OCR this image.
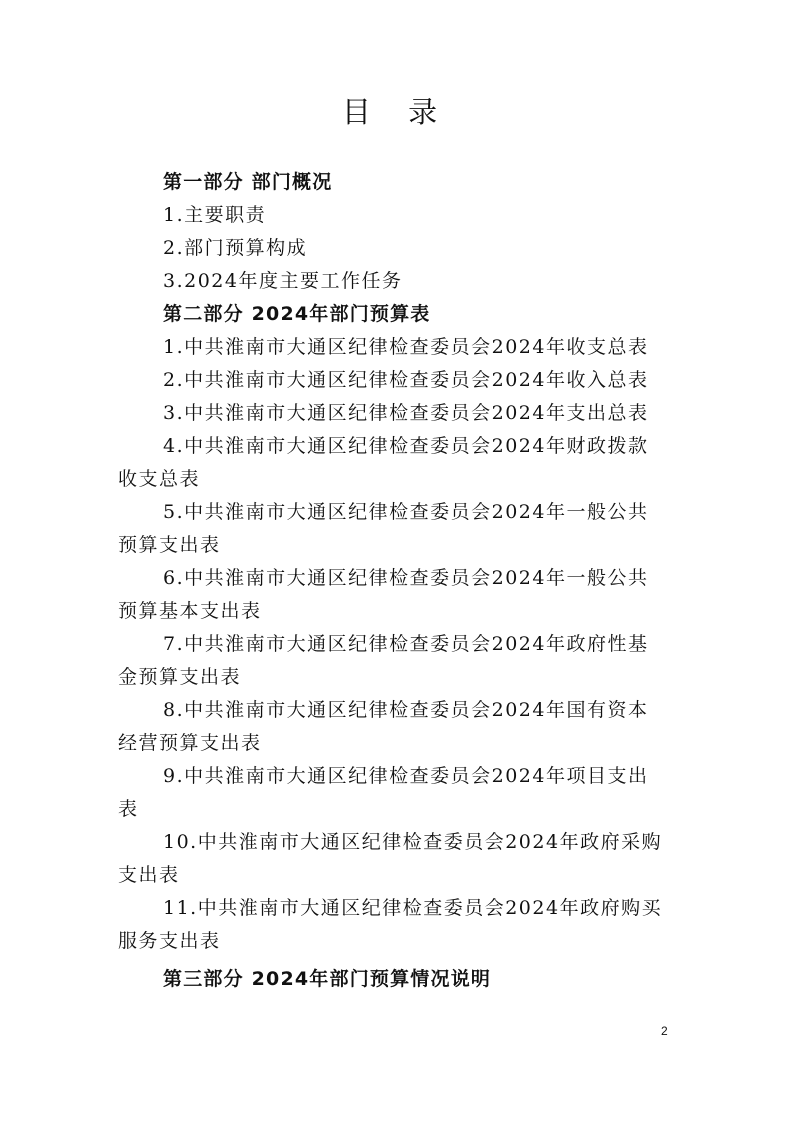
目 录
第一部分 部门概况
1.主要职责
2.部门预算构成
3.2024年度主要工作任务
第二部分 2024年部门预算表
1.中共淮南市大通区纪律检查委员会2024年收支总表
2.中共淮南市大通区纪律检查委员会2024年收入总表
3.中共淮南市大通区纪律检查委员会2024年支出总表
4.中共淮南市大通区纪律检查委员会2024年财政拨款
收支总表
5.中共淮南市大通区纪律检查委员会2024年一般公共
预算支出表
6.中共淮南市大通区纪律检查委员会2024年一般公共
预算基本支出表
7.中共淮南市大通区纪律检查委员会2024年政府性基
金预算支出表
8.中共淮南市大通区纪律检查委员会2024年国有资本
经营预算支出表
9.中共淮南市大通区纪律检查委员会2024年项目支出
表
10.中共淮南市大通区纪律检查委员会2024年政府采购
支出表
11.中共淮南市大通区纪律检查委员会2024年政府购买
服务支出表
第三部分 2024年部门预算情况说明
2
